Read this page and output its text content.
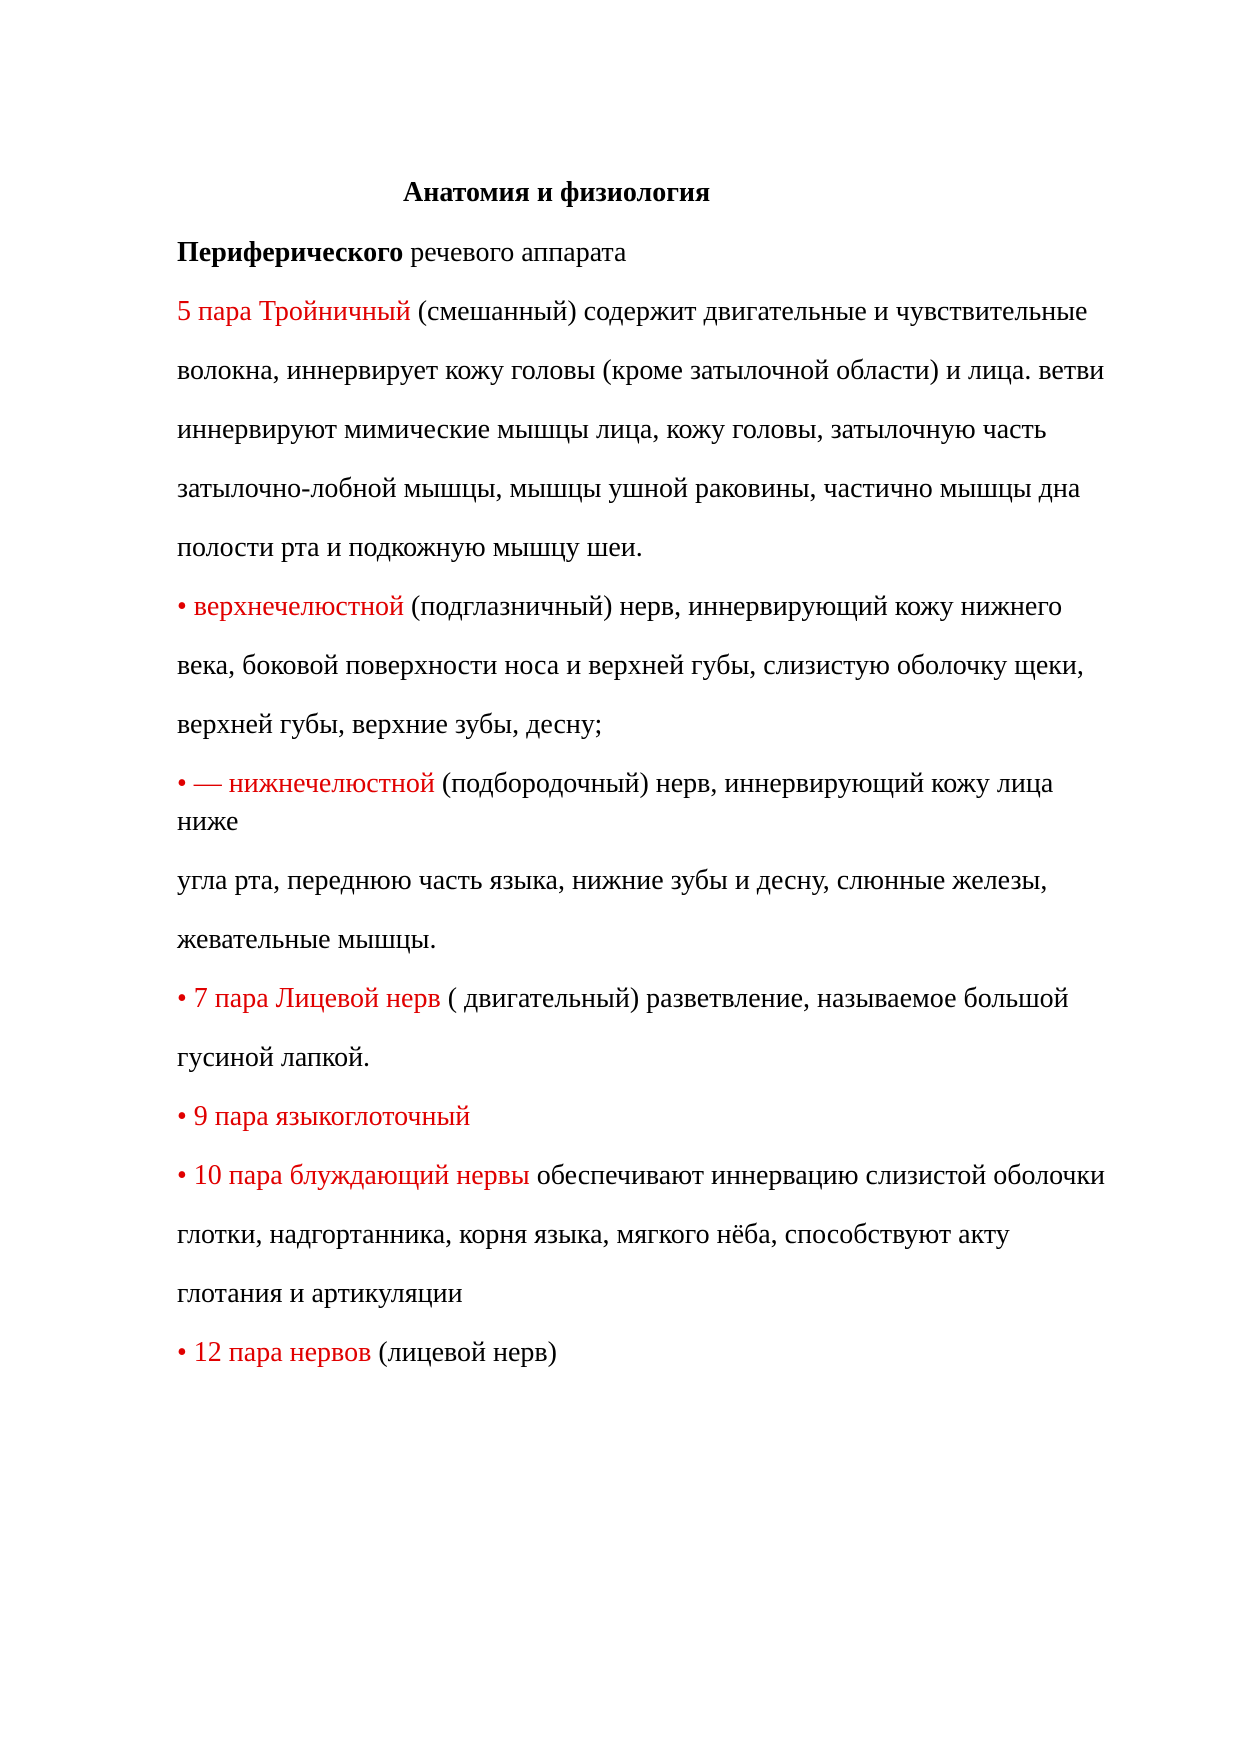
Анатомия и физиология
Периферического речевого аппарата
5 пара Тройничный (смешанный) содержит двигательные и чувствительные
волокна, иннервирует кожу головы (кроме затылочной области) и лица. ветви
иннервируют мимические мышцы лица, кожу головы, затылочную часть
затылочно-лобной мышцы, мышцы ушной раковины, частично мышцы дна
полости рта и подкожную мышцу шеи.
• верхнечелюстной (подглазничный) нерв, иннервирующий кожу нижнего
века, боковой поверхности носа и верхней губы, слизистую оболочку щеки,
верхней губы, верхние зубы, десну;
• — нижнечелюстной (подбородочный) нерв, иннервирующий кожу лица
ниже
угла рта, переднюю часть языка, нижние зубы и десну, слюнные железы,
жевательные мышцы.
• 7 пара Лицевой нерв ( двигательный) разветвление, называемое большой
гусиной лапкой.
• 9 пара языкоглоточный
• 10 пара блуждающий нервы обеспечивают иннервацию слизистой оболочки
глотки, надгортанника, корня языка, мягкого нёба, способствуют акту
глотания и артикуляции
• 12 пара нервов (лицевой нерв)
